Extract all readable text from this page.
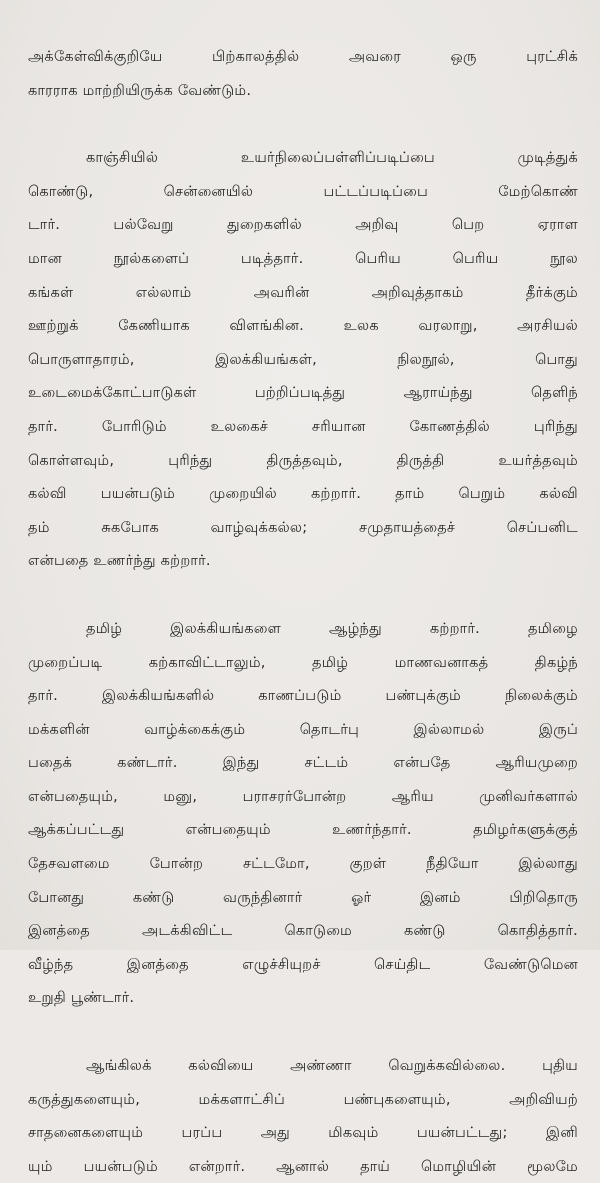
அக்கேள்விக்குறியே பிற்காலத்தில் அவரை ஒரு புரட்சிக்
காரராக மாற்றியிருக்க வேண்டும்.
காஞ்சியில் உயர்நிலைப்பள்ளிப்படிப்பை முடித்துக்
கொண்டு, சென்னையில் பட்டப்படிப்பை மேற்கொண்
டார். பல்வேறு துறைகளில் அறிவு பெற ஏராள
மான நூல்களைப் படித்தார். பெரிய பெரிய நூல
கங்கள் எல்லாம் அவரின் அறிவுத்தாகம் தீர்க்கும்
ஊற்றுக் கேணியாக விளங்கின. உலக வரலாறு, அரசியல்
பொருளாதாரம், இலக்கியங்கள், நிலநூல், பொது
உடைமைக்கோட்பாடுகள் பற்றிப்படித்து ஆராய்ந்து தெளிந்
தார். போரிடும் உலகைச் சரியான கோணத்தில் புரிந்து
கொள்ளவும், புரிந்து திருத்தவும், திருத்தி உயர்த்தவும்
கல்வி பயன்படும் முறையில் கற்றார். தாம் பெறும் கல்வி
தம் சுகபோக வாழ்வுக்கல்ல; சமுதாயத்தைச் செப்பனிட
என்பதை உணர்ந்து கற்றார்.
தமிழ் இலக்கியங்களை ஆழ்ந்து கற்றார். தமிழை
முறைப்படி கற்காவிட்டாலும், தமிழ் மாணவனாகத் திகழ்ந்
தார். இலக்கியங்களில் காணப்படும் பண்புக்கும் நிலைக்கும்
மக்களின் வாழ்க்கைக்கும் தொடர்பு இல்லாமல் இருப்
பதைக் கண்டார். இந்து சட்டம் என்பதே ஆரியமுறை
என்பதையும், மனு, பராசரர்போன்ற ஆரிய முனிவர்களால்
ஆக்கப்பட்டது என்பதையும் உணர்ந்தார். தமிழர்களுக்குத்
தேசவளமை போன்ற சட்டமோ, குறள் நீதியோ இல்லாது
போனது கண்டு வருந்தினார் ஓர் இனம் பிறிதொரு
இனத்தை அடக்கிவிட்ட கொடுமை கண்டு கொதித்தார்.
வீழ்ந்த இனத்தை எழுச்சியுறச் செய்திட வேண்டுமென
உறுதி பூண்டார்.
ஆங்கிலக் கல்வியை அண்ணா வெறுக்கவில்லை. புதிய
கருத்துகளையும், மக்களாட்சிப் பண்புகளையும், அறிவியற்
சாதனைகளையும் பரப்ப அது மிகவும் பயன்பட்டது; இனி
யும் பயன்படும் என்றார். ஆனால் தாய் மொழியின் மூலமே
